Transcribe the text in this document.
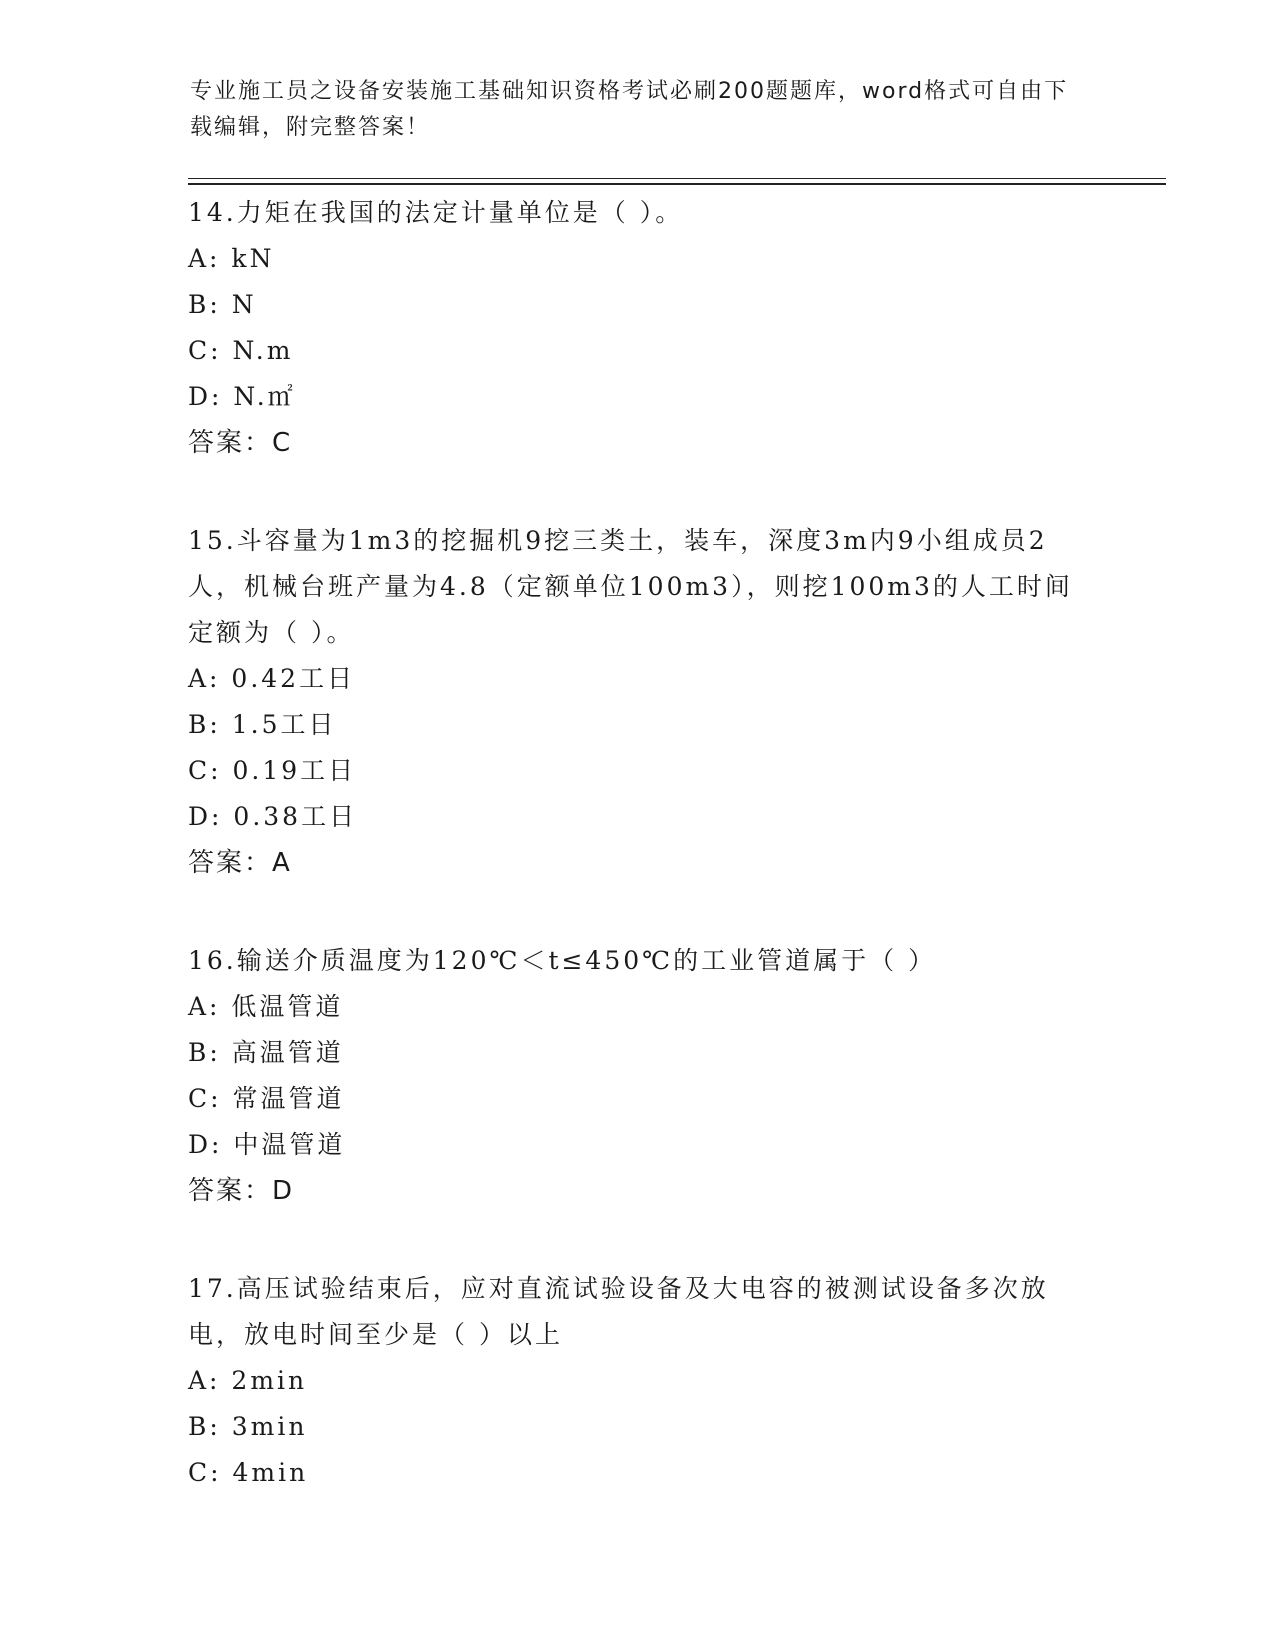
专业施工员之设备安装施工基础知识资格考试必刷200题题库，word格式可自由下载编辑，附完整答案！
14.力矩在我国的法定计量单位是（ ）。
A: kN
B: N
C: N.m
D: N.㎡
答案：C
15.斗容量为1m3的挖掘机9挖三类土，装车，深度3m内9小组成员2人，机械台班产量为4.8（定额单位100m3），则挖100m3的人工时间定额为（ ）。
A: 0.42工日
B: 1.5工日
C: 0.19工日
D: 0.38工日
答案：A
16.输送介质温度为120℃＜t≤450℃的工业管道属于（ ）
A: 低温管道
B: 高温管道
C: 常温管道
D: 中温管道
答案：D
17.高压试验结束后，应对直流试验设备及大电容的被测试设备多次放电，放电时间至少是（ ）以上
A: 2min
B: 3min
C: 4min
